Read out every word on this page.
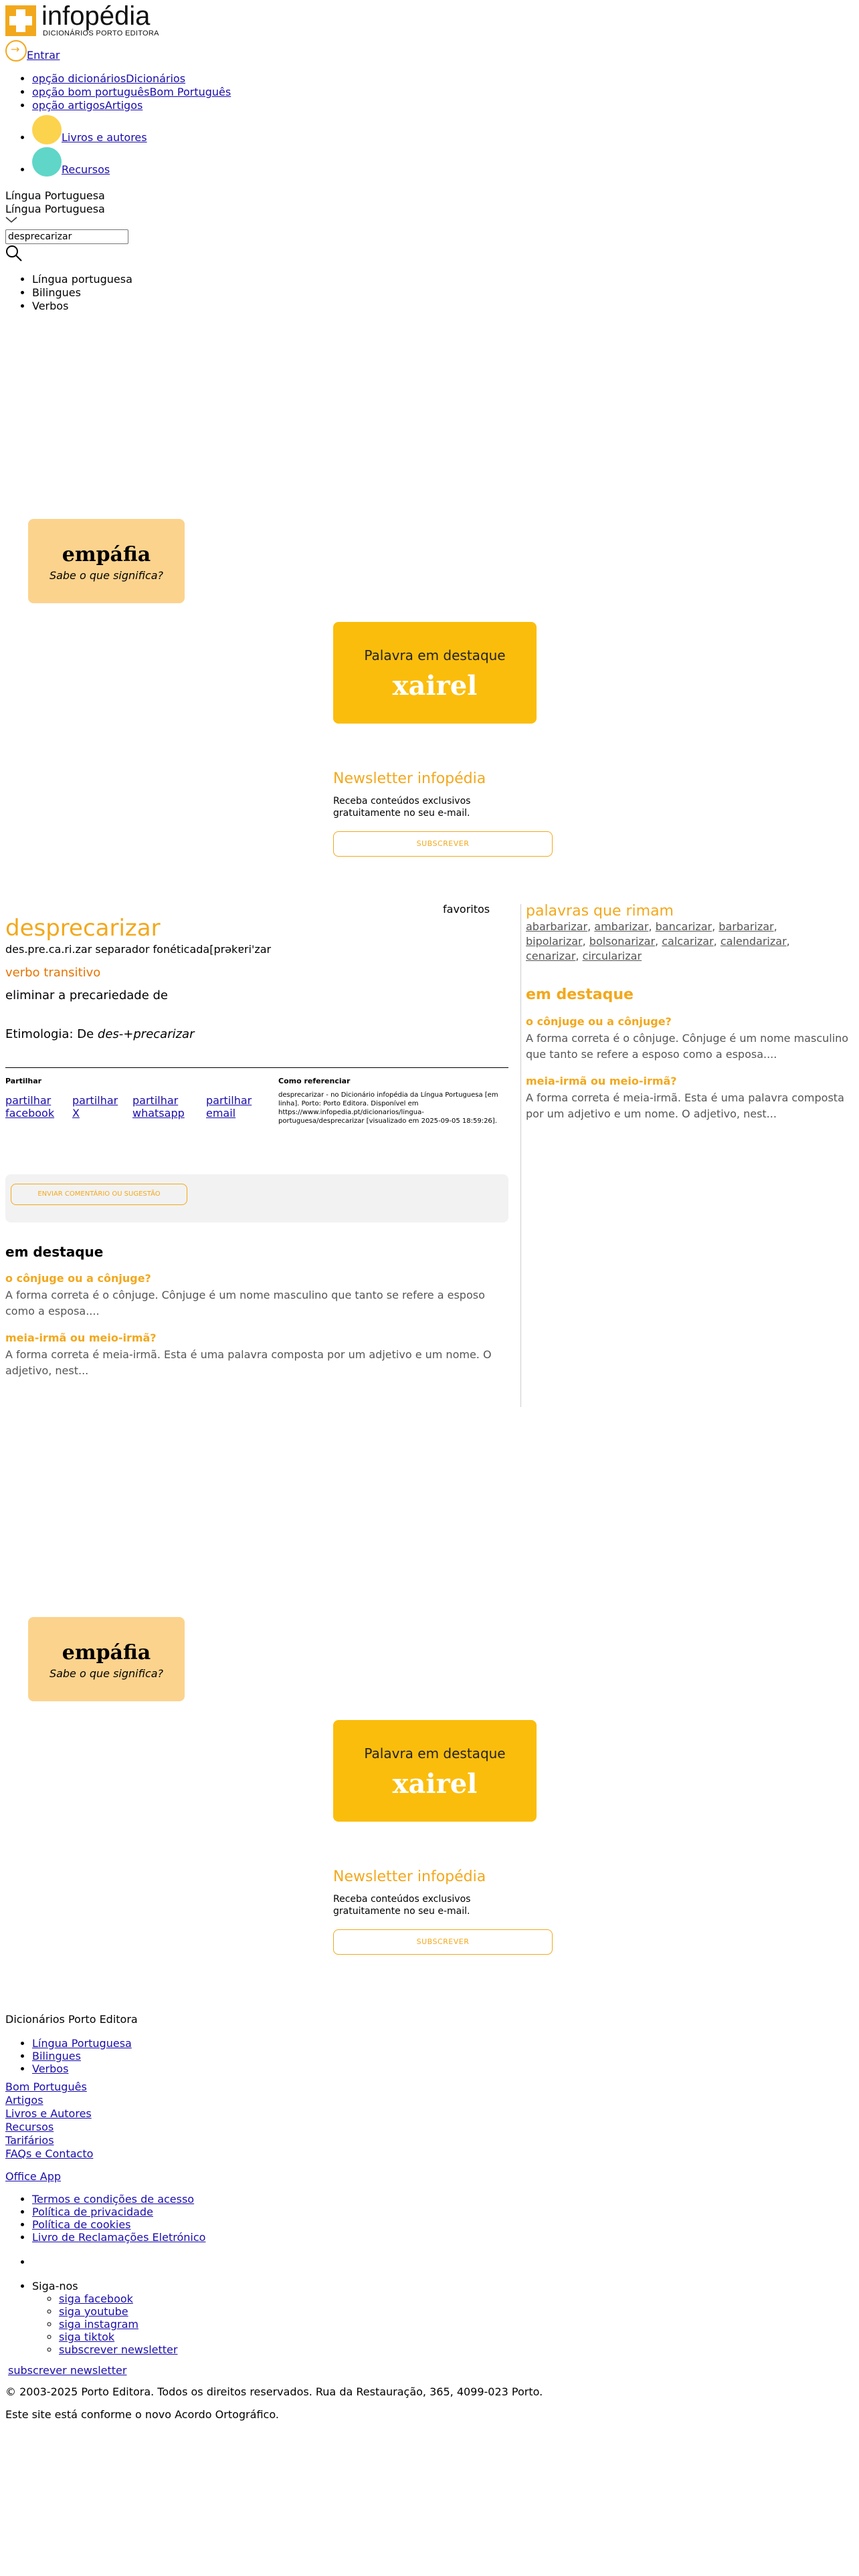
infopédia
DICIONÁRIOS PORTO EDITORA
→Entrar
• opção dicionáriosDicionários
• opção bom portuguêsBom Português
• opção artigosArtigos
• Livros e autores
• Recursos
Língua Portuguesa
Língua Portuguesa
desprecarizar
• Língua portuguesa
• Bilingues
• Verbos
empáfia
Sabe o que significa?
Palavra em destaque
xairel
Newsletter infopédia
Receba conteúdos exclusivos gratuitamente no seu e-mail.
SUBSCREVER
favoritos
desprecarizar
des.pre.ca.ri.zar separador fonéticada[prəkɐri'zar
verbo transitivo
eliminar a precariedade de
Etimologia: De des-+precarizar
Partilhar
partilhar facebook
partilhar X
partilhar whatsapp
partilhar email
Como referenciar
desprecarizar - no Dicionário infopédia da Língua Portuguesa [em linha]. Porto: Porto Editora. Disponível em https://www.infopedia.pt/dicionarios/lingua-portuguesa/desprecarizar [visualizado em 2025-09-05 18:59:26].
ENVIAR COMENTÁRIO OU SUGESTÃO
em destaque
o cônjuge ou a cônjuge?
A forma correta é o cônjuge. Cônjuge é um nome masculino que tanto se refere a esposo como a esposa....
meia-irmã ou meio-irmã?
A forma correta é meia-irmã. Esta é uma palavra composta por um adjetivo e um nome. O adjetivo, nest...
palavras que rimam
abarbarizar, ambarizar, bancarizar, barbarizar,
bipolarizar, bolsonarizar, calcarizar, calendarizar,
cenarizar, circularizar
em destaque
o cônjuge ou a cônjuge?
A forma correta é o cônjuge. Cônjuge é um nome masculino que tanto se refere a esposo como a esposa....
meia-irmã ou meio-irmã?
A forma correta é meia-irmã. Esta é uma palavra composta por um adjetivo e um nome. O adjetivo, nest...
empáfia
Sabe o que significa?
Palavra em destaque
xairel
Newsletter infopédia
Receba conteúdos exclusivos gratuitamente no seu e-mail.
SUBSCREVER
Dicionários Porto Editora
• Língua Portuguesa
• Bilingues
• Verbos
Bom Português
Artigos
Livros e Autores
Recursos
Tarifários
FAQs e Contacto
Office App
• Termos e condições de acesso
• Política de privacidade
• Política de cookies
• Livro de Reclamações Eletrónico
•
• Siga-nos
◦ siga facebook
◦ siga youtube
◦ siga instagram
◦ siga tiktok
◦ subscrever newsletter
subscrever newsletter
© 2003-2025 Porto Editora. Todos os direitos reservados. Rua da Restauração, 365, 4099-023 Porto.
Este site está conforme o novo Acordo Ortográfico.
